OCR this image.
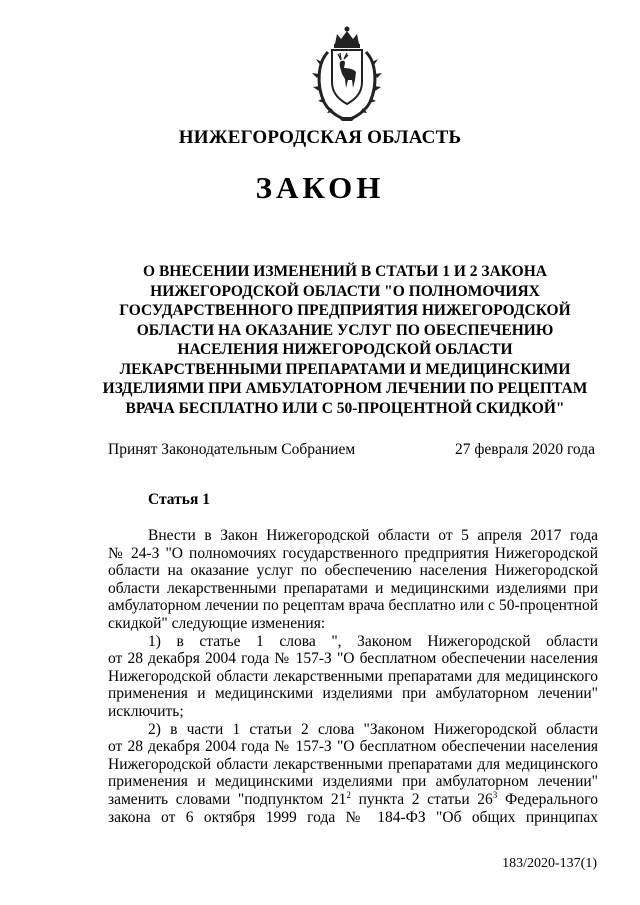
НИЖЕГОРОДСКАЯ ОБЛАСТЬ
ЗАКОН
О ВНЕСЕНИИ ИЗМЕНЕНИЙ В СТАТЬИ 1 И 2 ЗАКОНА
НИЖЕГОРОДСКОЙ ОБЛАСТИ "О ПОЛНОМОЧИЯХ
ГОСУДАРСТВЕННОГО ПРЕДПРИЯТИЯ НИЖЕГОРОДСКОЙ
ОБЛАСТИ НА ОКАЗАНИЕ УСЛУГ ПО ОБЕСПЕЧЕНИЮ
НАСЕЛЕНИЯ НИЖЕГОРОДСКОЙ ОБЛАСТИ
ЛЕКАРСТВЕННЫМИ ПРЕПАРАТАМИ И МЕДИЦИНСКИМИ
ИЗДЕЛИЯМИ ПРИ АМБУЛАТОРНОМ ЛЕЧЕНИИ ПО РЕЦЕПТАМ
ВРАЧА БЕСПЛАТНО ИЛИ С 50-ПРОЦЕНТНОЙ СКИДКОЙ"
Принят Законодательным Собранием	27 февраля 2020 года
Статья 1
Внести в Закон Нижегородской области от 5 апреля 2017 года
№ 24-З "О полномочиях государственного предприятия Нижегородской
области на оказание услуг по обеспечению населения Нижегородской
области лекарственными препаратами и медицинскими изделиями при
амбулаторном лечении по рецептам врача бесплатно или с 50-процентной
скидкой" следующие изменения:
1) в статье 1 слова ", Законом Нижегородской области
от 28 декабря 2004 года № 157-З "О бесплатном обеспечении населения
Нижегородской области лекарственными препаратами для медицинского
применения и медицинскими изделиями при амбулаторном лечении"
исключить;
2) в части 1 статьи 2 слова "Законом Нижегородской области
от 28 декабря 2004 года № 157-З "О бесплатном обеспечении населения
Нижегородской области лекарственными препаратами для медицинского
применения и медицинскими изделиями при амбулаторном лечении"
заменить словами "подпунктом $21^2$ пункта 2 статьи $26^3$ Федерального
закона от 6 октября 1999 года № 184-ФЗ "Об общих принципах
183/2020-137(1)
